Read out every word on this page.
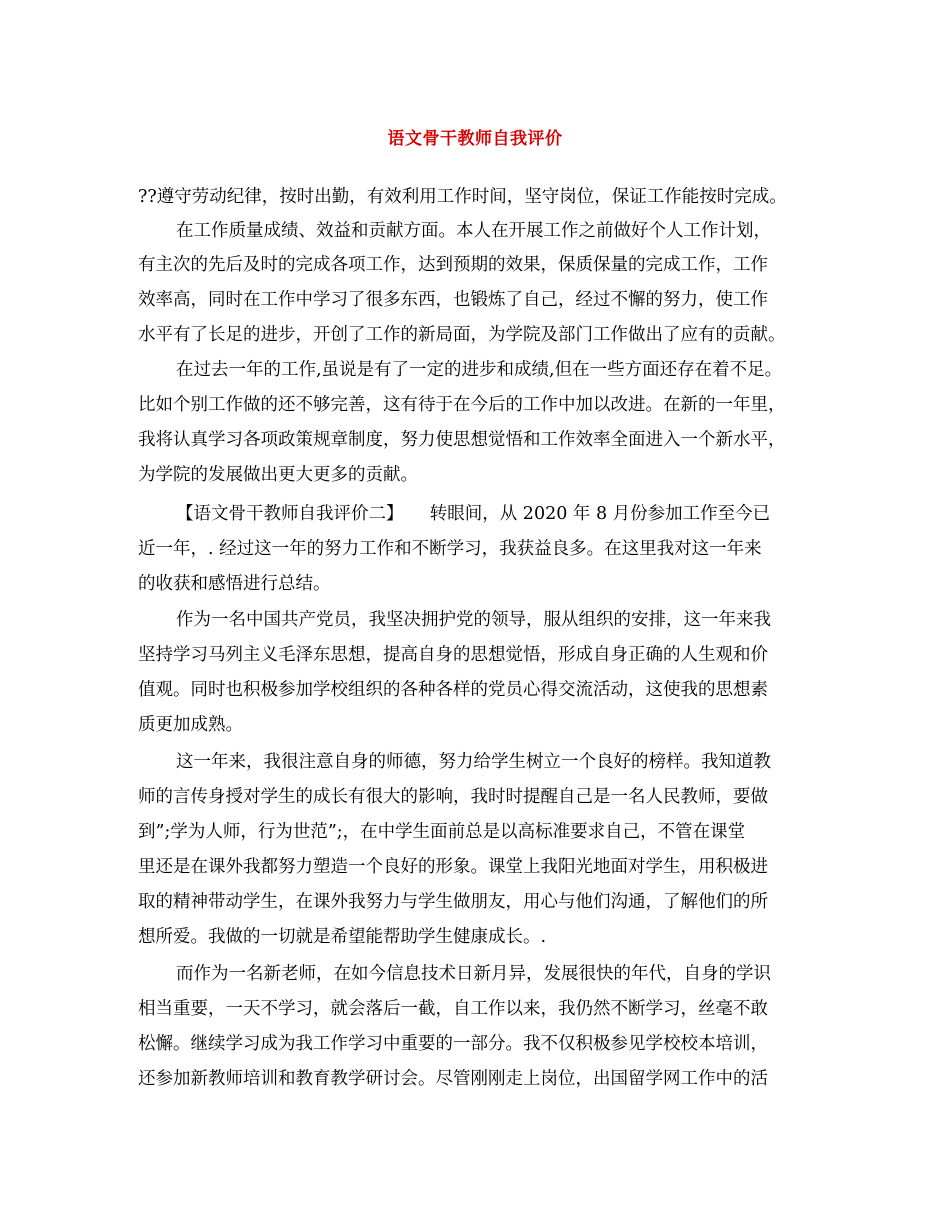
语文骨干教师自我评价
??遵守劳动纪律，按时出勤，有效利用工作时间，坚守岗位，保证工作能按时完成。
在工作质量成绩、效益和贡献方面。本人在开展工作之前做好个人工作计划，
有主次的先后及时的完成各项工作，达到预期的效果，保质保量的完成工作，工作
效率高，同时在工作中学习了很多东西，也锻炼了自己，经过不懈的努力，使工作
水平有了长足的进步，开创了工作的新局面，为学院及部门工作做出了应有的贡献。
在过去一年的工作,虽说是有了一定的进步和成绩,但在一些方面还存在着不足。
比如个别工作做的还不够完善，这有待于在今后的工作中加以改进。在新的一年里，
我将认真学习各项政策规章制度，努力使思想觉悟和工作效率全面进入一个新水平，
为学院的发展做出更大更多的贡献。
【语文骨干教师自我评价二】　　转眼间，从 2020 年 8 月份参加工作至今已
近一年，. 经过这一年的努力工作和不断学习，我获益良多。在这里我对这一年来
的收获和感悟进行总结。
作为一名中国共产党员，我坚决拥护党的领导，服从组织的安排，这一年来我
坚持学习马列主义毛泽东思想，提高自身的思想觉悟，形成自身正确的人生观和价
值观。同时也积极参加学校组织的各种各样的党员心得交流活动，这使我的思想素
质更加成熟。
这一年来，我很注意自身的师德，努力给学生树立一个良好的榜样。我知道教
师的言传身授对学生的成长有很大的影响，我时时提醒自己是一名人民教师，要做
到”;学为人师，行为世范”;，在中学生面前总是以高标准要求自己，不管在课堂
里还是在课外我都努力塑造一个良好的形象。课堂上我阳光地面对学生，用积极进
取的精神带动学生，在课外我努力与学生做朋友，用心与他们沟通，了解他们的所
想所爱。我做的一切就是希望能帮助学生健康成长。.
而作为一名新老师，在如今信息技术日新月异，发展很快的年代，自身的学识
相当重要，一天不学习，就会落后一截，自工作以来，我仍然不断学习，丝毫不敢
松懈。继续学习成为我工作学习中重要的一部分。我不仅积极参见学校校本培训，
还参加新教师培训和教育教学研讨会。尽管刚刚走上岗位，出国留学网工作中的活
